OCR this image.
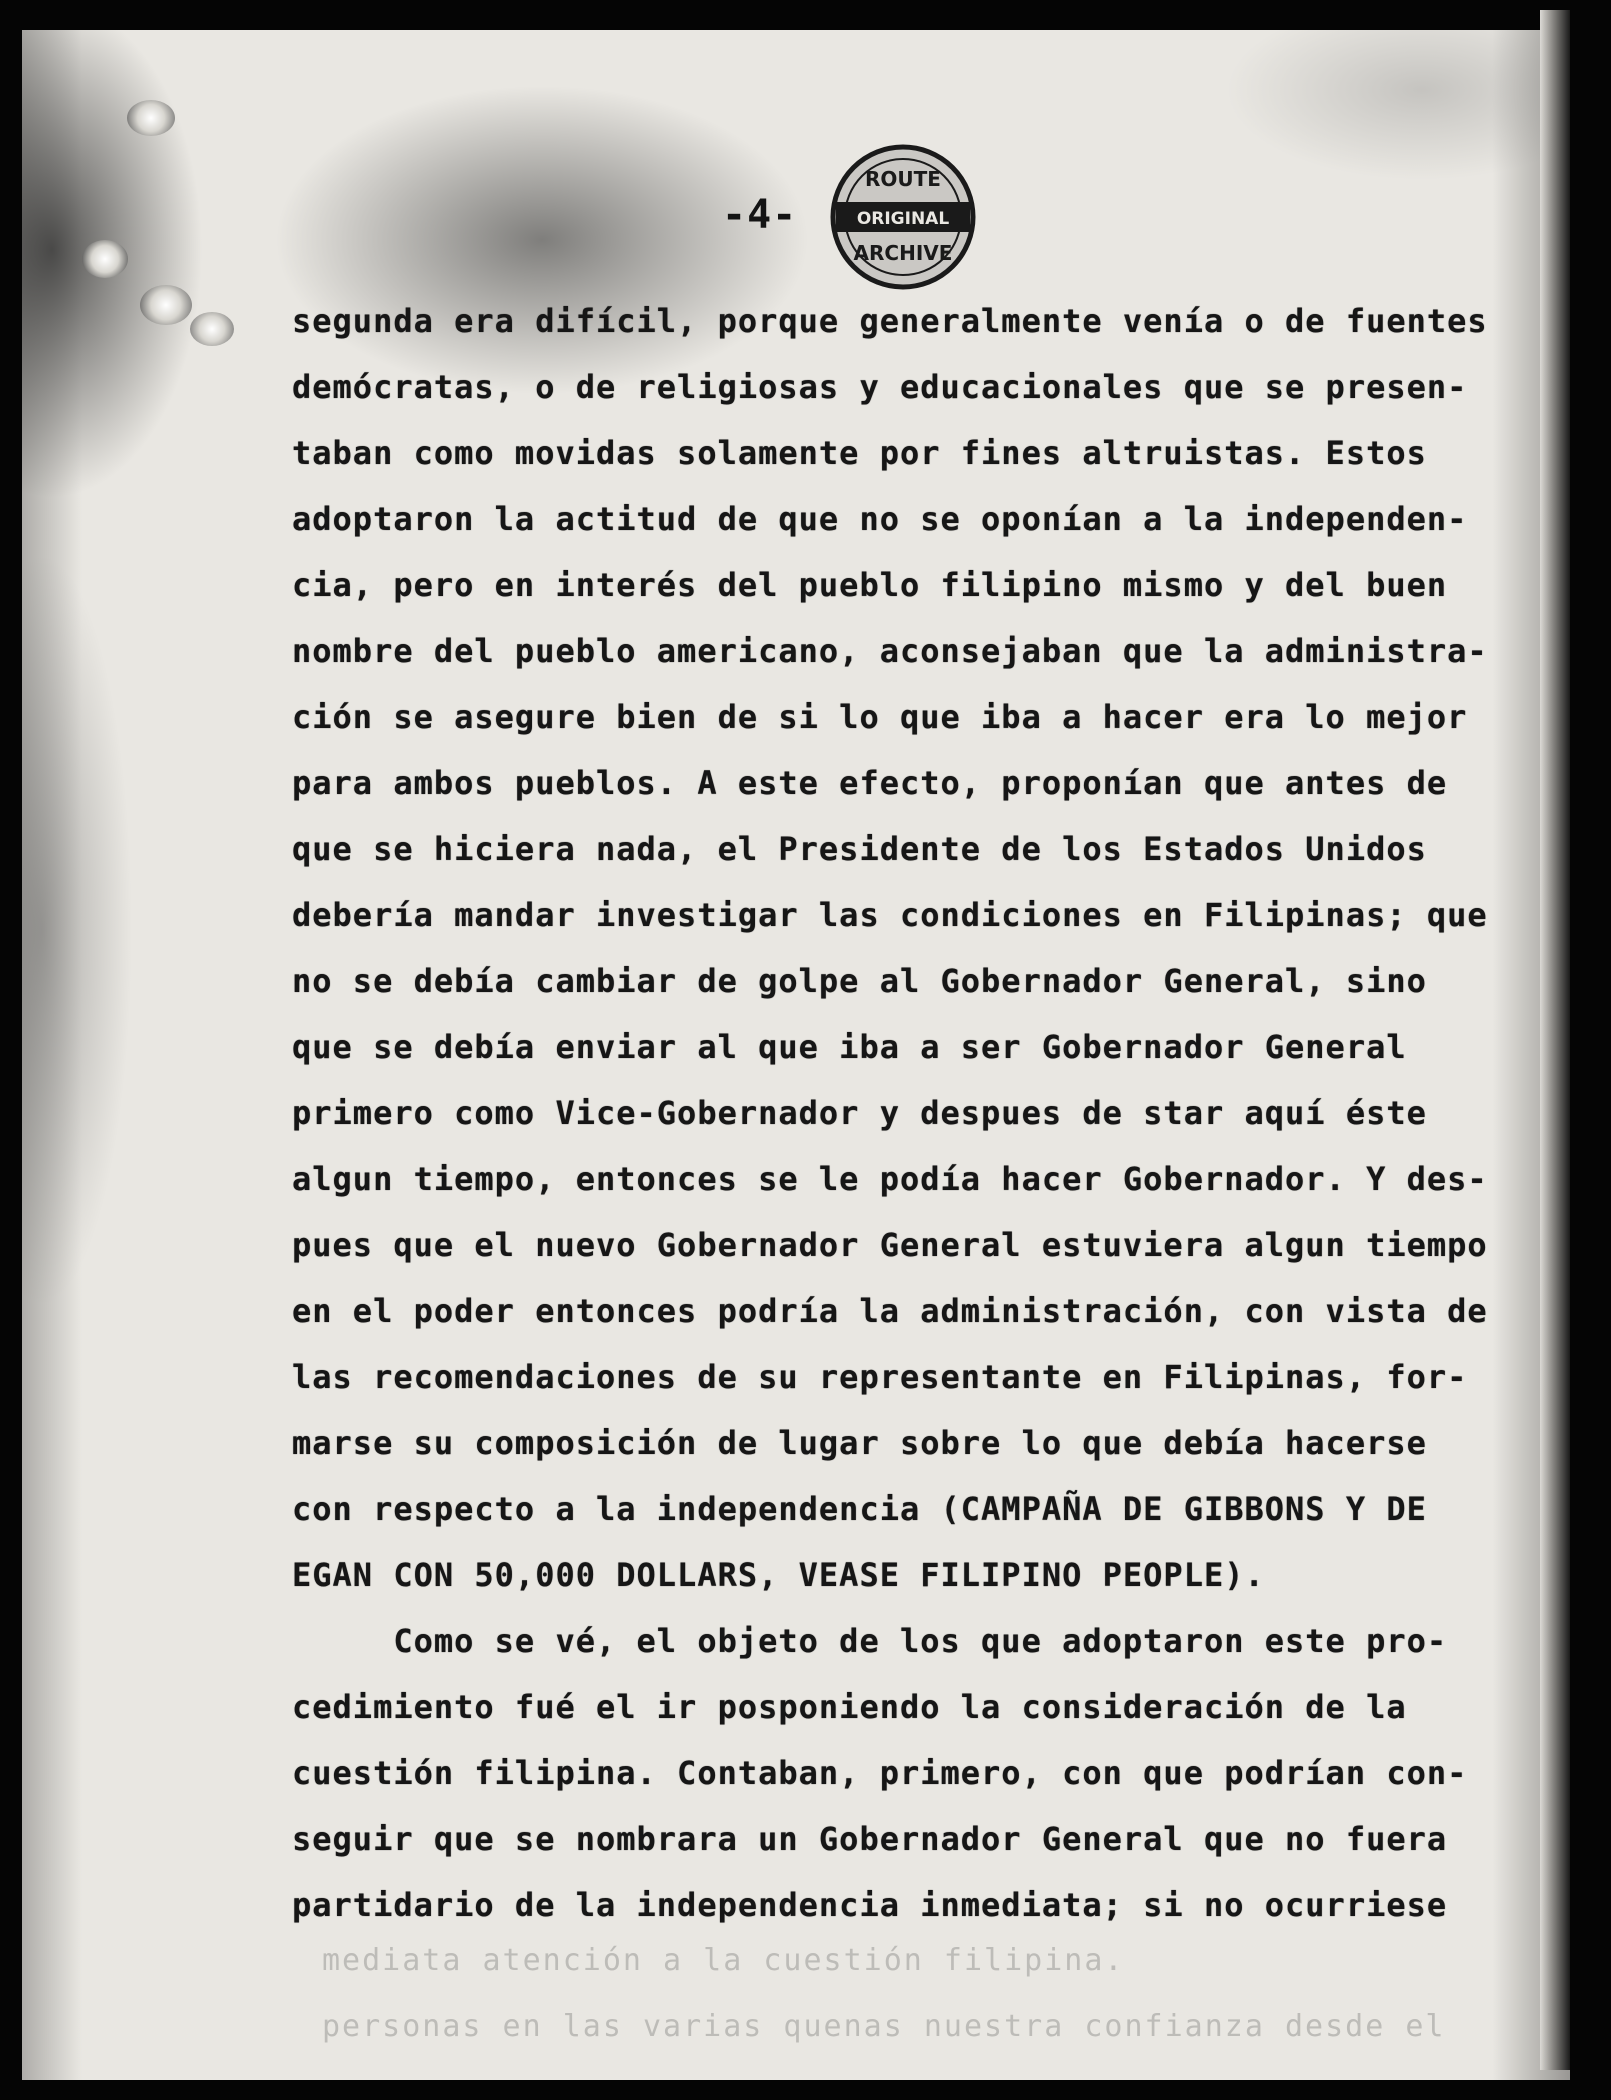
-4-
ROUTE
ORIGINAL
ARCHIVE
segunda era difícil, porque generalmente venía o de fuentes
demócratas, o de religiosas y educacionales que se presen-
taban como movidas solamente por fines altruistas. Estos
adoptaron la actitud de que no se oponían a la independen-
cia, pero en interés del pueblo filipino mismo y del buen
nombre del pueblo americano, aconsejaban que la administra-
ción se asegure bien de si lo que iba a hacer era lo mejor
para ambos pueblos. A este efecto, proponían que antes de
que se hiciera nada, el Presidente de los Estados Unidos
debería mandar investigar las condiciones en Filipinas; que
no se debía cambiar de golpe al Gobernador General, sino
que se debía enviar al que iba a ser Gobernador General
primero como Vice-Gobernador y despues de star aquí éste
algun tiempo, entonces se le podía hacer Gobernador. Y des-
pues que el nuevo Gobernador General estuviera algun tiempo
en el poder entonces podría la administración, con vista de
las recomendaciones de su representante en Filipinas, for-
marse su composición de lugar sobre lo que debía hacerse
con respecto a la independencia (CAMPAÑA DE GIBBONS Y DE
EGAN CON 50,000 DOLLARS, VEASE FILIPINO PEOPLE).
Como se vé, el objeto de los que adoptaron este pro-
cedimiento fué el ir posponiendo la consideración de la
cuestión filipina. Contaban, primero, con que podrían con-
seguir que se nombrara un Gobernador General que no fuera
partidario de la independencia inmediata; si no ocurriese
mediata atención a la cuestión filipina.
personas en las varias quenas nuestra confianza desde el
